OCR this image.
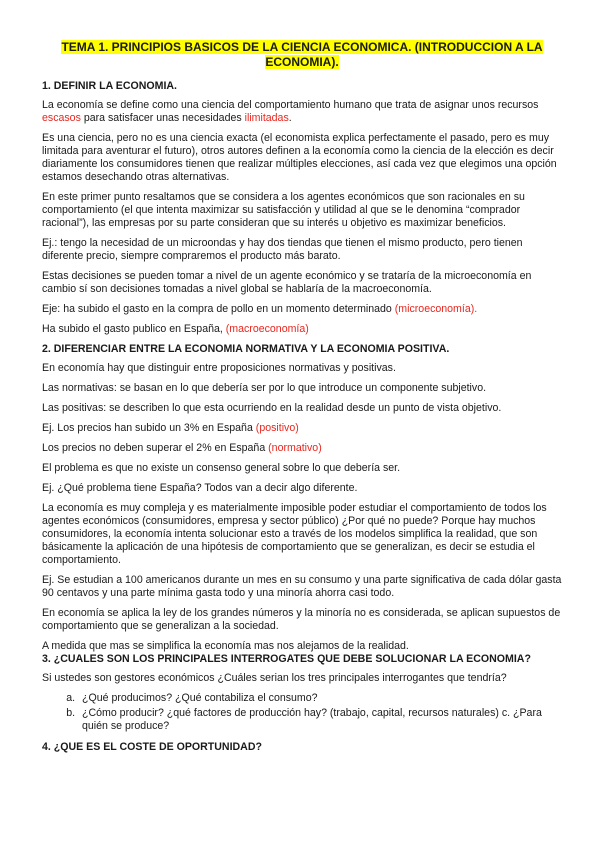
TEMA 1. PRINCIPIOS BASICOS DE LA CIENCIA ECONOMICA. (INTRODUCCION A LA ECONOMIA).
1. DEFINIR LA ECONOMIA.

La economía se define como una ciencia del comportamiento humano que trata de asignar unos recursos escasos para satisfacer unas necesidades ilimitadas.

Es una ciencia, pero no es una ciencia exacta (el economista explica perfectamente el pasado, pero es muy limitada para aventurar el futuro), otros autores definen a la economía como la ciencia de la elección es decir diariamente los consumidores tienen que realizar múltiples elecciones, así cada vez que elegimos una opción estamos desechando otras alternativas.

En este primer punto resaltamos que se considera a los agentes económicos que son racionales en su comportamiento (el que intenta maximizar su satisfacción y utilidad al que se le denomina “comprador racional”), las empresas por su parte consideran que su interés u objetivo es maximizar beneficios.

Ej.: tengo la necesidad de un microondas y hay dos tiendas que tienen el mismo producto, pero tienen diferente precio, siempre compraremos el producto más barato.

Estas decisiones se pueden tomar a nivel de un agente económico y se trataría de la microeconomía en cambio sí son decisiones tomadas a nivel global se hablaría de la macroeconomía.

Eje: ha subido el gasto en la compra de pollo en un momento determinado (microeconomía).

Ha subido el gasto publico en España, (macroeconomía)

2. DIFERENCIAR ENTRE LA ECONOMIA NORMATIVA Y LA ECONOMIA POSITIVA.

En economía hay que distinguir entre proposiciones normativas y positivas.

Las normativas: se basan en lo que debería ser por lo que introduce un componente subjetivo.

Las positivas: se describen lo que esta ocurriendo en la realidad desde un punto de vista objetivo.

Ej. Los precios han subido un 3% en España (positivo)

Los precios no deben superar el 2% en España (normativo)

El problema es que no existe un consenso general sobre lo que debería ser.

Ej. ¿Qué problema tiene España? Todos van a decir algo diferente.

La economía es muy compleja y es materialmente imposible poder estudiar el comportamiento de todos los agentes económicos (consumidores, empresa y sector público) ¿Por qué no puede? Porque hay muchos consumidores, la economía intenta solucionar esto a través de los modelos simplifica la realidad, que son básicamente la aplicación de una hipótesis de comportamiento que se generalizan, es decir se estudia el comportamiento.

Ej. Se estudian a 100 americanos durante un mes en su consumo y una parte significativa de cada dólar gasta 90 centavos y una parte mínima gasta todo y una minoría ahorra casi todo.

En economía se aplica la ley de los grandes números y la minoría no es considerada, se aplican supuestos de comportamiento que se generalizan a la sociedad.

A medida que mas se simplifica la economía mas nos alejamos de la realidad.

3. ¿CUALES SON LOS PRINCIPALES INTERROGATES QUE DEBE SOLUCIONAR LA ECONOMIA?

Si ustedes son gestores económicos ¿Cuáles serian los tres principales interrogantes que tendría?

a. ¿Qué producimos? ¿Qué contabiliza el consumo?
b. ¿Cómo producir? ¿qué factores de producción hay? (trabajo, capital, recursos naturales) c. ¿Para quién se produce?
4. ¿QUE ES EL COSTE DE OPORTUNIDAD?
